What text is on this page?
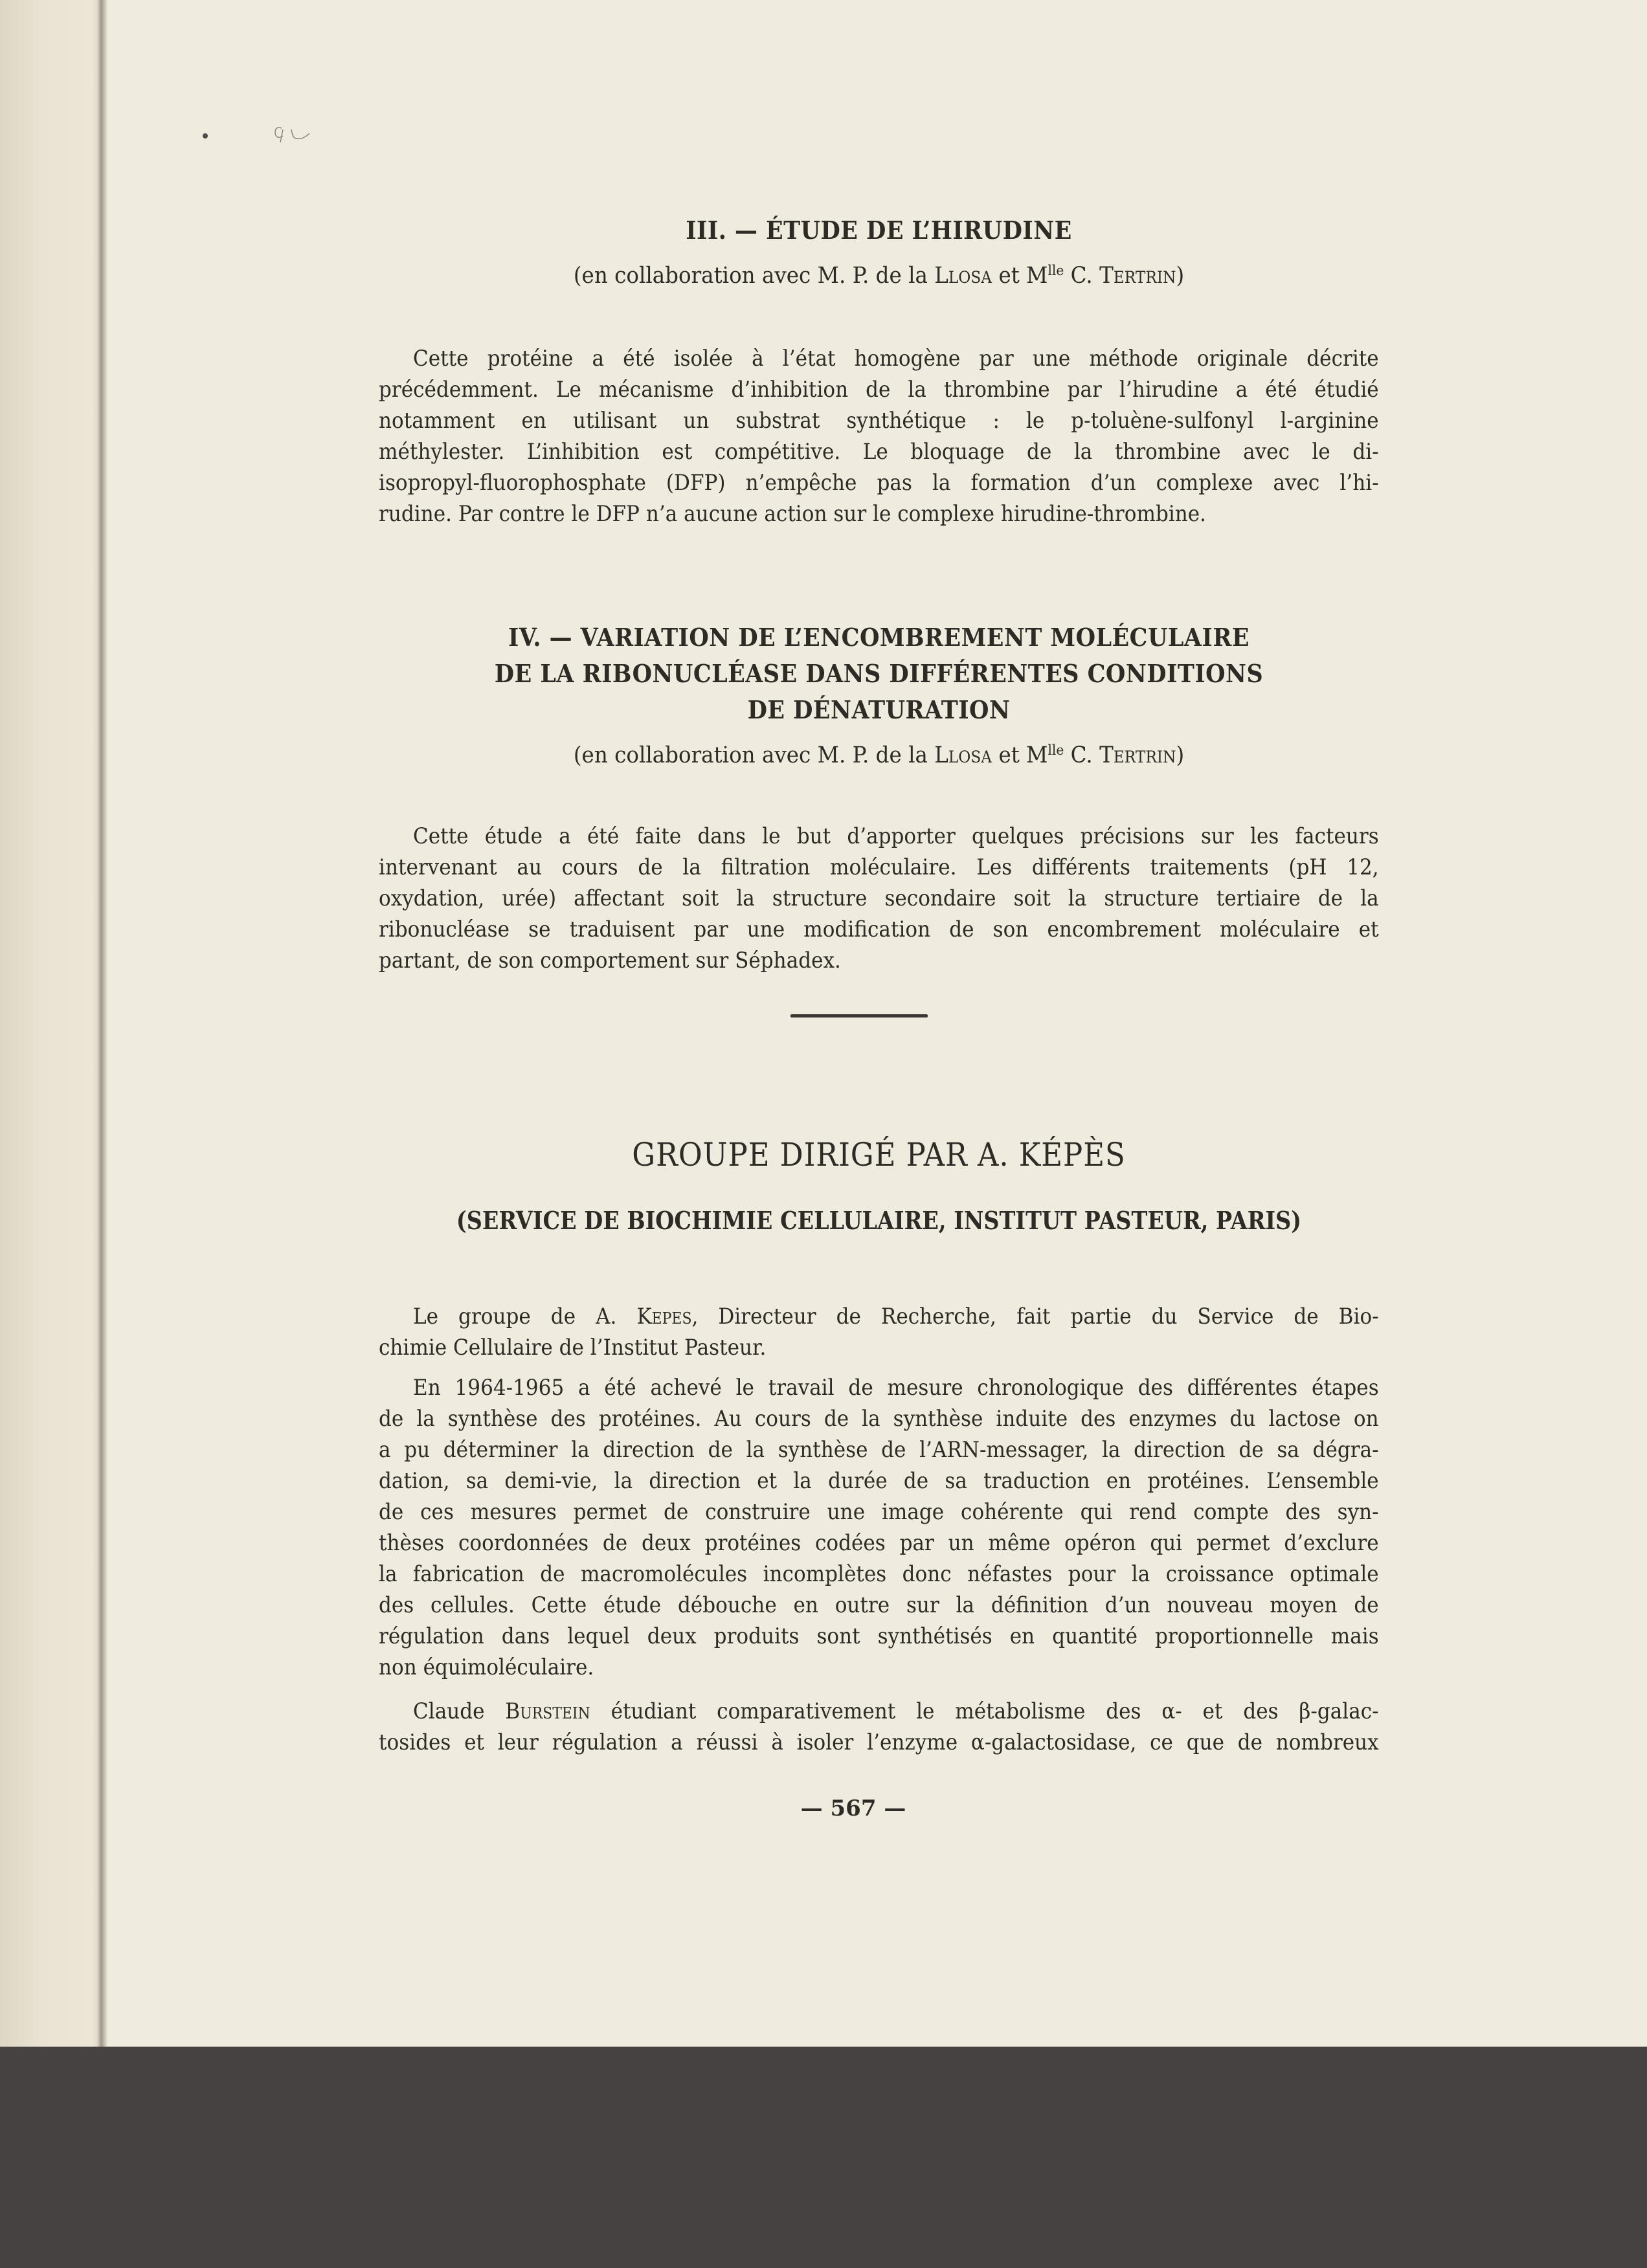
III. — ÉTUDE DE L’HIRUDINE
(en collaboration avec M. P. de la Llosa et $M^{lle}$ C. Tertrin)
Cette protéine a été isolée à l’état homogène par une méthode originale décrite
précédemment. Le mécanisme d’inhibition de la thrombine par l’hirudine a été étudié
notamment en utilisant un substrat synthétique : le p-toluène-sulfonyl l-arginine
méthylester. L’inhibition est compétitive. Le bloquage de la thrombine avec le di-
isopropyl-fluorophosphate (DFP) n’empêche pas la formation d’un complexe avec l’hi-
rudine. Par contre le DFP n’a aucune action sur le complexe hirudine-thrombine.
IV. — VARIATION DE L’ENCOMBREMENT MOLÉCULAIRE
DE LA RIBONUCLÉASE DANS DIFFÉRENTES CONDITIONS
DE DÉNATURATION
(en collaboration avec M. P. de la Llosa et $M^{lle}$ C. Tertrin)
Cette étude a été faite dans le but d’apporter quelques précisions sur les facteurs
intervenant au cours de la filtration moléculaire. Les différents traitements (pH 12,
oxydation, urée) affectant soit la structure secondaire soit la structure tertiaire de la
ribonucléase se traduisent par une modification de son encombrement moléculaire et
partant, de son comportement sur Séphadex.
GROUPE DIRIGÉ PAR A. KÉPÈS
(SERVICE DE BIOCHIMIE CELLULAIRE, INSTITUT PASTEUR, PARIS)
Le groupe de A. Kepes, Directeur de Recherche, fait partie du Service de Bio-
chimie Cellulaire de l’Institut Pasteur.
En 1964-1965 a été achevé le travail de mesure chronologique des différentes étapes
de la synthèse des protéines. Au cours de la synthèse induite des enzymes du lactose on
a pu déterminer la direction de la synthèse de l’ARN-messager, la direction de sa dégra-
dation, sa demi-vie, la direction et la durée de sa traduction en protéines. L’ensemble
de ces mesures permet de construire une image cohérente qui rend compte des syn-
thèses coordonnées de deux protéines codées par un même opéron qui permet d’exclure
la fabrication de macromolécules incomplètes donc néfastes pour la croissance optimale
des cellules. Cette étude débouche en outre sur la définition d’un nouveau moyen de
régulation dans lequel deux produits sont synthétisés en quantité proportionnelle mais
non équimoléculaire.
Claude Burstein étudiant comparativement le métabolisme des α- et des β-galac-
tosides et leur régulation a réussi à isoler l’enzyme α-galactosidase, ce que de nombreux
— 567 —
